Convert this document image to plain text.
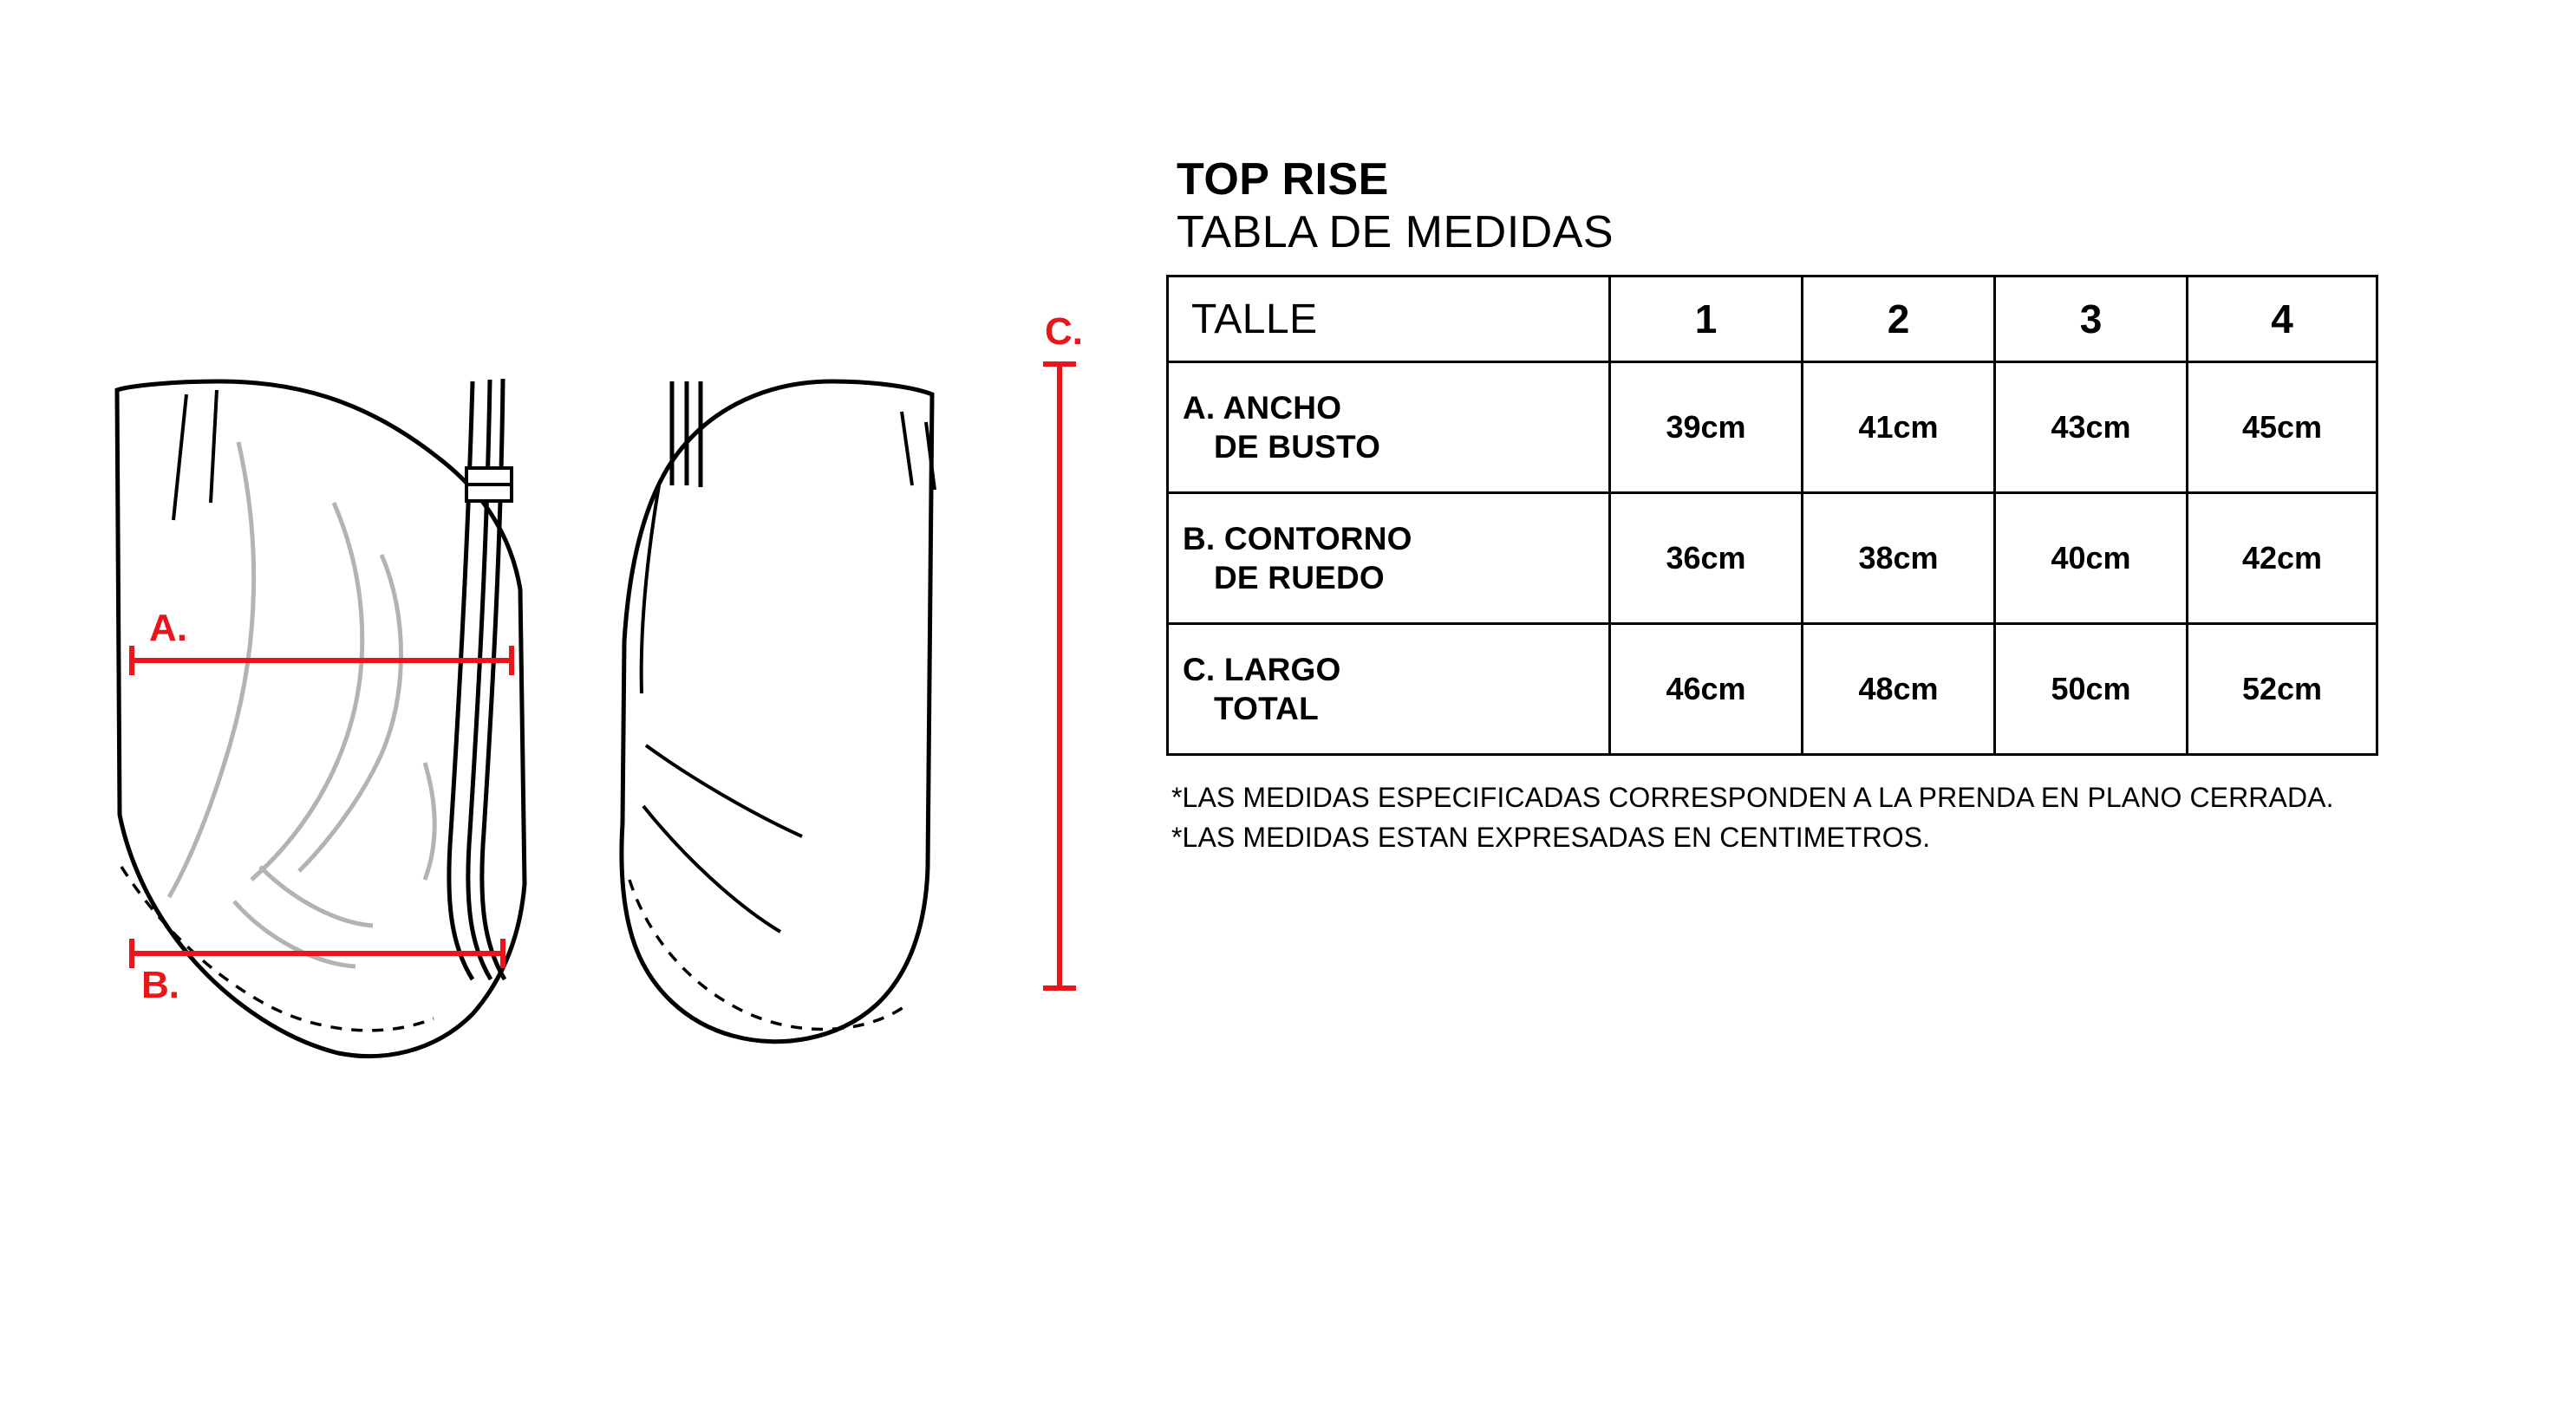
A.
B.
C.
TOP RISE
TABLA DE MEDIDAS
TALLE	1	2	3	4

A. ANCHO
DE BUSTO	39cm	41cm	43cm	45cm

B. CONTORNO
DE RUEDO	36cm	38cm	40cm	42cm

C. LARGO
TOTAL	46cm	48cm	50cm	52cm
*LAS MEDIDAS ESPECIFICADAS CORRESPONDEN A LA PRENDA EN PLANO CERRADA.
*LAS MEDIDAS ESTAN EXPRESADAS EN CENTIMETROS.
